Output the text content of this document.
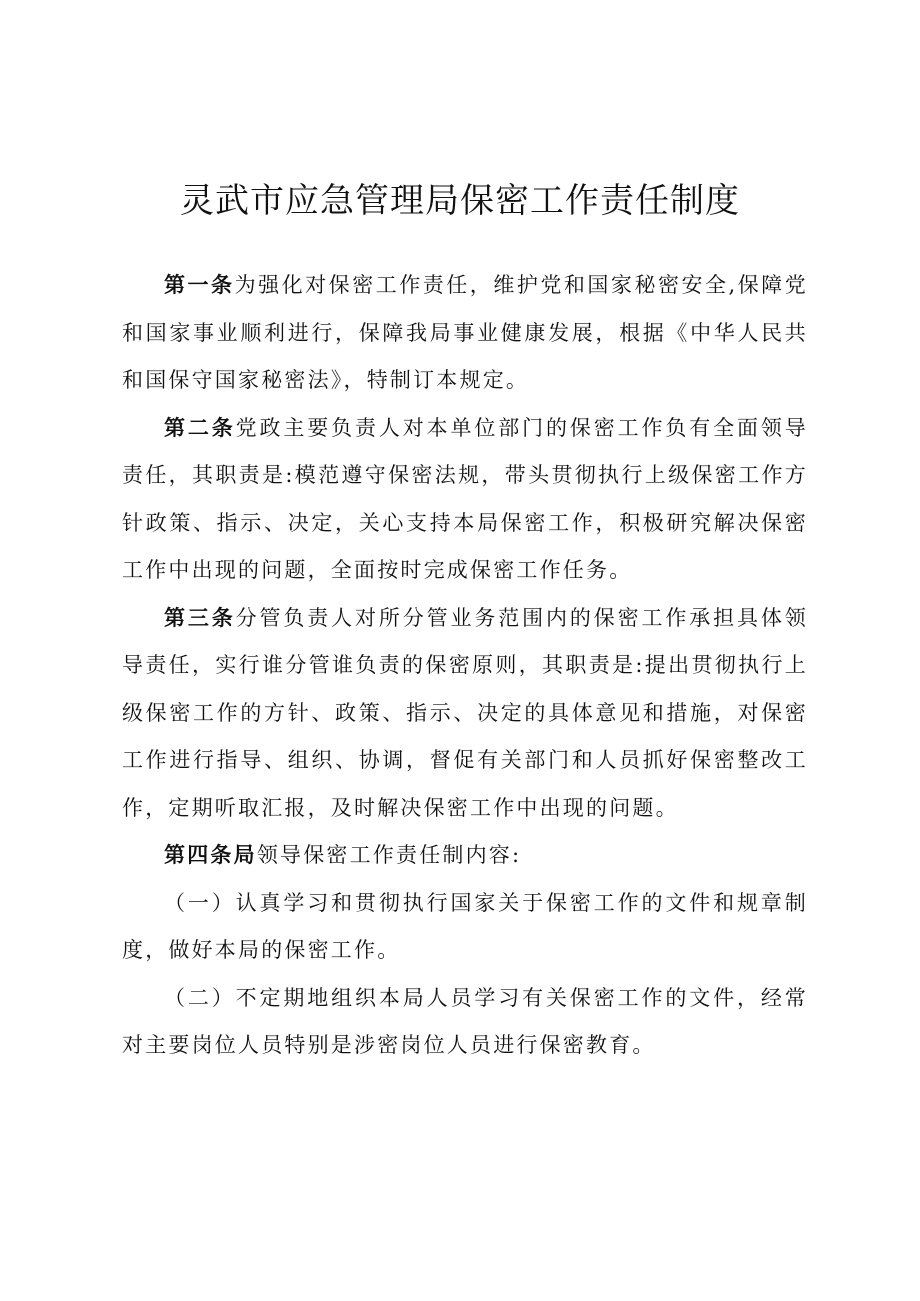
灵武市应急管理局保密工作责任制度

第一条为强化对保密工作责任，维护党和国家秘密安全,保障党和国家事业顺利进行，保障我局事业健康发展，根据《中华人民共和国保守国家秘密法》，特制订本规定。

第二条党政主要负责人对本单位部门的保密工作负有全面领导责任，其职责是:模范遵守保密法规，带头贯彻执行上级保密工作方针政策、指示、决定，关心支持本局保密工作，积极研究解决保密工作中出现的问题，全面按时完成保密工作任务。

第三条分管负责人对所分管业务范围内的保密工作承担具体领导责任，实行谁分管谁负责的保密原则，其职责是:提出贯彻执行上级保密工作的方针、政策、指示、决定的具体意见和措施，对保密工作进行指导、组织、协调，督促有关部门和人员抓好保密整改工作，定期听取汇报，及时解决保密工作中出现的问题。

第四条局领导保密工作责任制内容:

（一）认真学习和贯彻执行国家关于保密工作的文件和规章制度，做好本局的保密工作。

（二）不定期地组织本局人员学习有关保密工作的文件，经常对主要岗位人员特别是涉密岗位人员进行保密教育。
